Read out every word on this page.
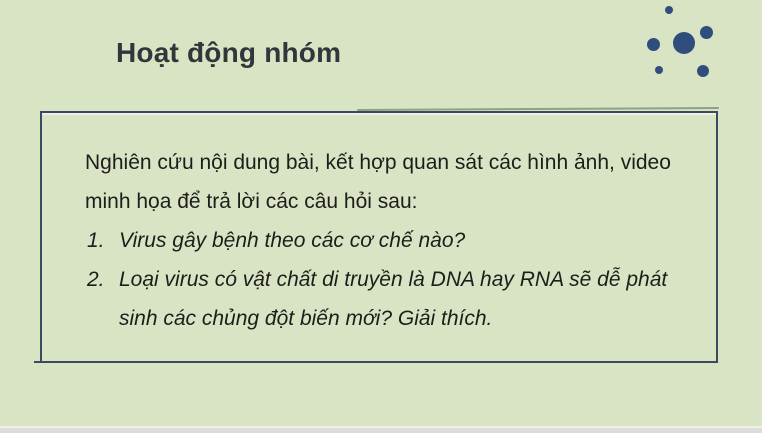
Hoạt động nhóm

Nghiên cứu nội dung bài, kết hợp quan sát các hình ảnh, video minh họa để trả lời các câu hỏi sau:

1. Virus gây bệnh theo các cơ chế nào?
2. Loại virus có vật chất di truyền là DNA hay RNA sẽ dễ phát sinh các chủng đột biến mới? Giải thích.
